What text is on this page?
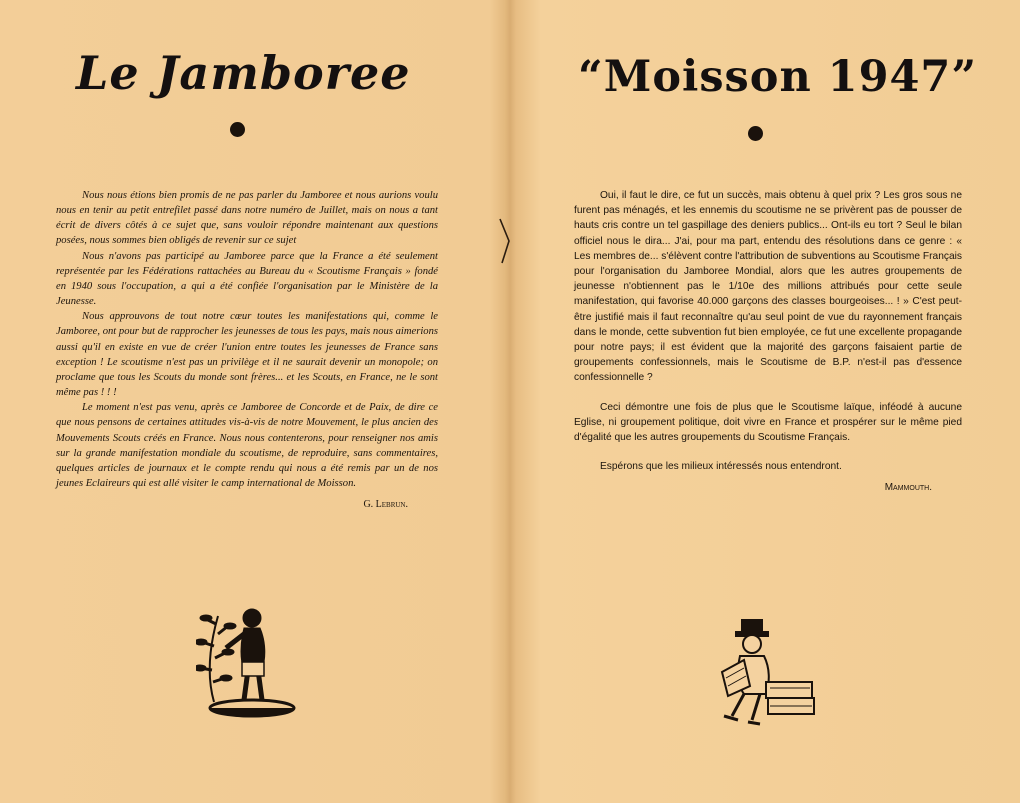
Le Jamboree

Nous nous étions bien promis de ne pas parler du Jamboree et nous aurions voulu nous en tenir au petit entrefilet passé dans notre numéro de Juillet, mais on nous a tant écrit de divers côtés à ce sujet que, sans vouloir répondre maintenant aux questions posées, nous sommes bien obligés de revenir sur ce sujet

Nous n'avons pas participé au Jamboree parce que la France a été seulement représentée par les Fédérations rattachées au Bureau du « Scoutisme Français » fondé en 1940 sous l'occupation, a qui a été confiée l'organisation par le Ministère de la Jeunesse.

Nous approuvons de tout notre cœur toutes les manifestations qui, comme le Jamboree, ont pour but de rapprocher les jeunesses de tous les pays, mais nous aimerions aussi qu'il en existe en vue de créer l'union entre toutes les jeunesses de France sans exception ! Le scoutisme n'est pas un privilège et il ne saurait devenir un monopole; on proclame que tous les Scouts du monde sont frères... et les Scouts, en France, ne le sont même pas ! ! !

Le moment n'est pas venu, après ce Jamboree de Concorde et de Paix, de dire ce que nous pensons de certaines attitudes vis-à-vis de notre Mouvement, le plus ancien des Mouvements Scouts créés en France. Nous nous contenterons, pour renseigner nos amis sur la grande manifestation mondiale du scoutisme, de reproduire, sans commentaires, quelques articles de journaux et le compte rendu qui nous a été remis par un de nos jeunes Eclaireurs qui est allé visiter le camp international de Moisson.

G. Lebrun.
“Moisson 1947”

Oui, il faut le dire, ce fut un succès, mais obtenu à quel prix ? Les gros sous ne furent pas ménagés, et les ennemis du scoutisme ne se privèrent pas de pousser de hauts cris contre un tel gaspillage des deniers publics... Ont-ils eu tort ? Seul le bilan officiel nous le dira... J'ai, pour ma part, entendu des résolutions dans ce genre : « Les membres de... s'élèvent contre l'attribution de subventions au Scoutisme Français pour l'organisation du Jamboree Mondial, alors que les autres groupements de jeunesse n'obtiennent pas le 1/10e des millions attribués pour cette seule manifestation, qui favorise 40.000 garçons des classes bourgeoises... ! » C'est peut-être justifié mais il faut reconnaître qu'au seul point de vue du rayonnement français dans le monde, cette subvention fut bien employée, ce fut une excellente propagande pour notre pays; il est évident que la majorité des garçons faisaient partie de groupements confessionnels, mais le Scoutisme de B.P. n'est-il pas d'essence confessionnelle ?

Ceci démontre une fois de plus que le Scoutisme laïque, inféodé à aucune Eglise, ni groupement politique, doit vivre en France et prospérer sur le même pied d'égalité que les autres groupements du Scoutisme Français.

Espérons que les milieux intéressés nous entendront.

Mammouth.
